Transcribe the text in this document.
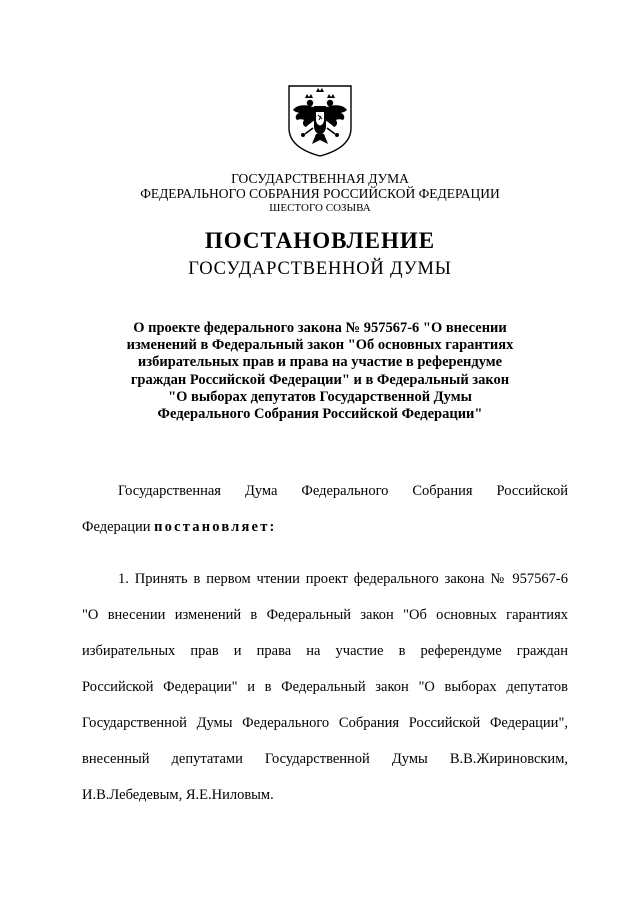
ГОСУДАРСТВЕННАЯ ДУМА
ФЕДЕРАЛЬНОГО СОБРАНИЯ РОССИЙСКОЙ ФЕДЕРАЦИИ
ШЕСТОГО СОЗЫВА
ПОСТАНОВЛЕНИЕ
ГОСУДАРСТВЕННОЙ ДУМЫ
О проекте федерального закона № 957567-6 "О внесении
изменений в Федеральный закон "Об основных гарантиях
избирательных прав и права на участие в референдуме
граждан Российской Федерации" и в Федеральный закон
"О выборах депутатов Государственной Думы
Федерального Собрания Российской Федерации"
Государственная Дума Федерального Собрания Российской
Федерации постановляет:
1. Принять в первом чтении проект федерального закона № 957567-6
"О внесении изменений в Федеральный закон "Об основных гарантиях
избирательных прав и права на участие в референдуме граждан
Российской Федерации" и в Федеральный закон "О выборах депутатов
Государственной Думы Федерального Собрания Российской Федерации",
внесенный депутатами Государственной Думы В.В.Жириновским,
И.В.Лебедевым, Я.Е.Ниловым.
